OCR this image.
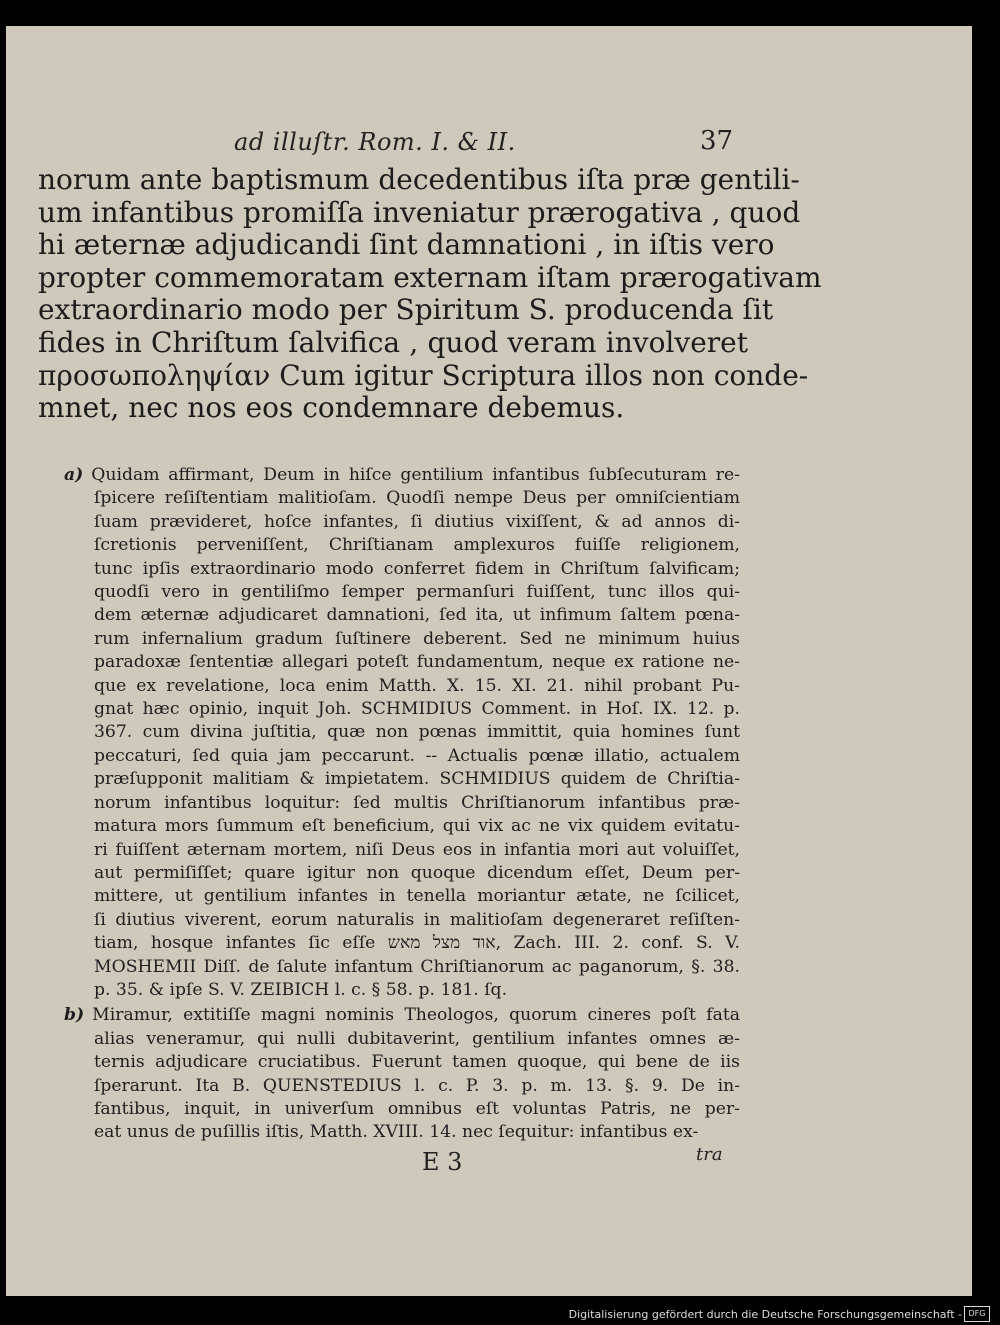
ad illuſtr. Rom. I. & II.	37
norum ante baptismum decedentibus iſta præ gentili-
um infantibus promiſſa inveniatur prærogativa , quod
hi æternæ adjudicandi ſint damnationi , in iſtis vero
propter commemoratam externam iſtam prærogativam
extraordinario modo per Spiritum S. producenda ſit
fides in Chriſtum ſalvifica , quod veram involveret
προσωποληψίαν Cum igitur Scriptura illos non conde-
mnet, nec nos eos condemnare debemus.
a) Quidam affirmant, Deum in hiſce gentilium infantibus ſubſecuturam re-
ſpicere reſiſtentiam malitioſam. Quodſi nempe Deus per omniſcientiam
ſuam prævideret, hoſce infantes, ſi diutius vixiſſent, & ad annos di-
ſcretionis perveniſſent, Chriſtianam amplexuros fuiſſe religionem,
tunc ipſis extraordinario modo conferret fidem in Chriſtum ſalvificam;
quodſi vero in gentiliſmo ſemper permanſuri fuiſſent, tunc illos qui-
dem æternæ adjudicaret damnationi, ſed ita, ut infimum ſaltem pœna-
rum infernalium gradum ſuſtinere deberent. Sed ne minimum huius
paradoxæ ſententiæ allegari poteſt fundamentum, neque ex ratione ne-
que ex revelatione, loca enim Matth. X. 15. XI. 21. nihil probant Pu-
gnat hæc opinio, inquit Joh. SCHMIDIUS Comment. in Hoſ. IX. 12. p.
367. cum divina juſtitia, quæ non pœnas immittit, quia homines ſunt
peccaturi, ſed quia jam peccarunt. -- Actualis pœnæ illatio, actualem
præſupponit malitiam & impietatem. SCHMIDIUS quidem de Chriſtia-
norum infantibus loquitur: ſed multis Chriſtianorum infantibus præ-
matura mors ſummum eſt beneficium, qui vix ac ne vix quidem evitatu-
ri fuiſſent æternam mortem, niſi Deus eos in infantia mori aut voluiſſet,
aut permiſiſſet; quare igitur non quoque dicendum eſſet, Deum per-
mittere, ut gentilium infantes in tenella moriantur ætate, ne ſcilicet,
ſi diutius viverent, eorum naturalis in malitioſam degeneraret reſiſten-
tiam, hosque infantes ſic eſſe אוד מצל מאש, Zach. III. 2. conf. S. V.
MOSHEMII Diſſ. de ſalute infantum Chriſtianorum ac paganorum, §. 38.
p. 35. & ipſe S. V. ZEIBICH l. c. § 58. p. 181. ſq.
b) Miramur, extitiſſe magni nominis Theologos, quorum cineres poſt fata
alias veneramur, qui nulli dubitaverint, gentilium infantes omnes æ-
ternis adjudicare cruciatibus. Fuerunt tamen quoque, qui bene de iis
ſperarunt. Ita B. QUENSTEDIUS l. c. P. 3. p. m. 13. §. 9. De in-
fantibus, inquit, in univerſum omnibus eſt voluntas Patris, ne per-
eat unus de puſillis iſtis, Matth. XVIII. 14. nec ſequitur: infantibus ex-
E 3	tra
Digitalisierung gefördert durch die Deutsche Forschungsgemeinschaft - DFG
